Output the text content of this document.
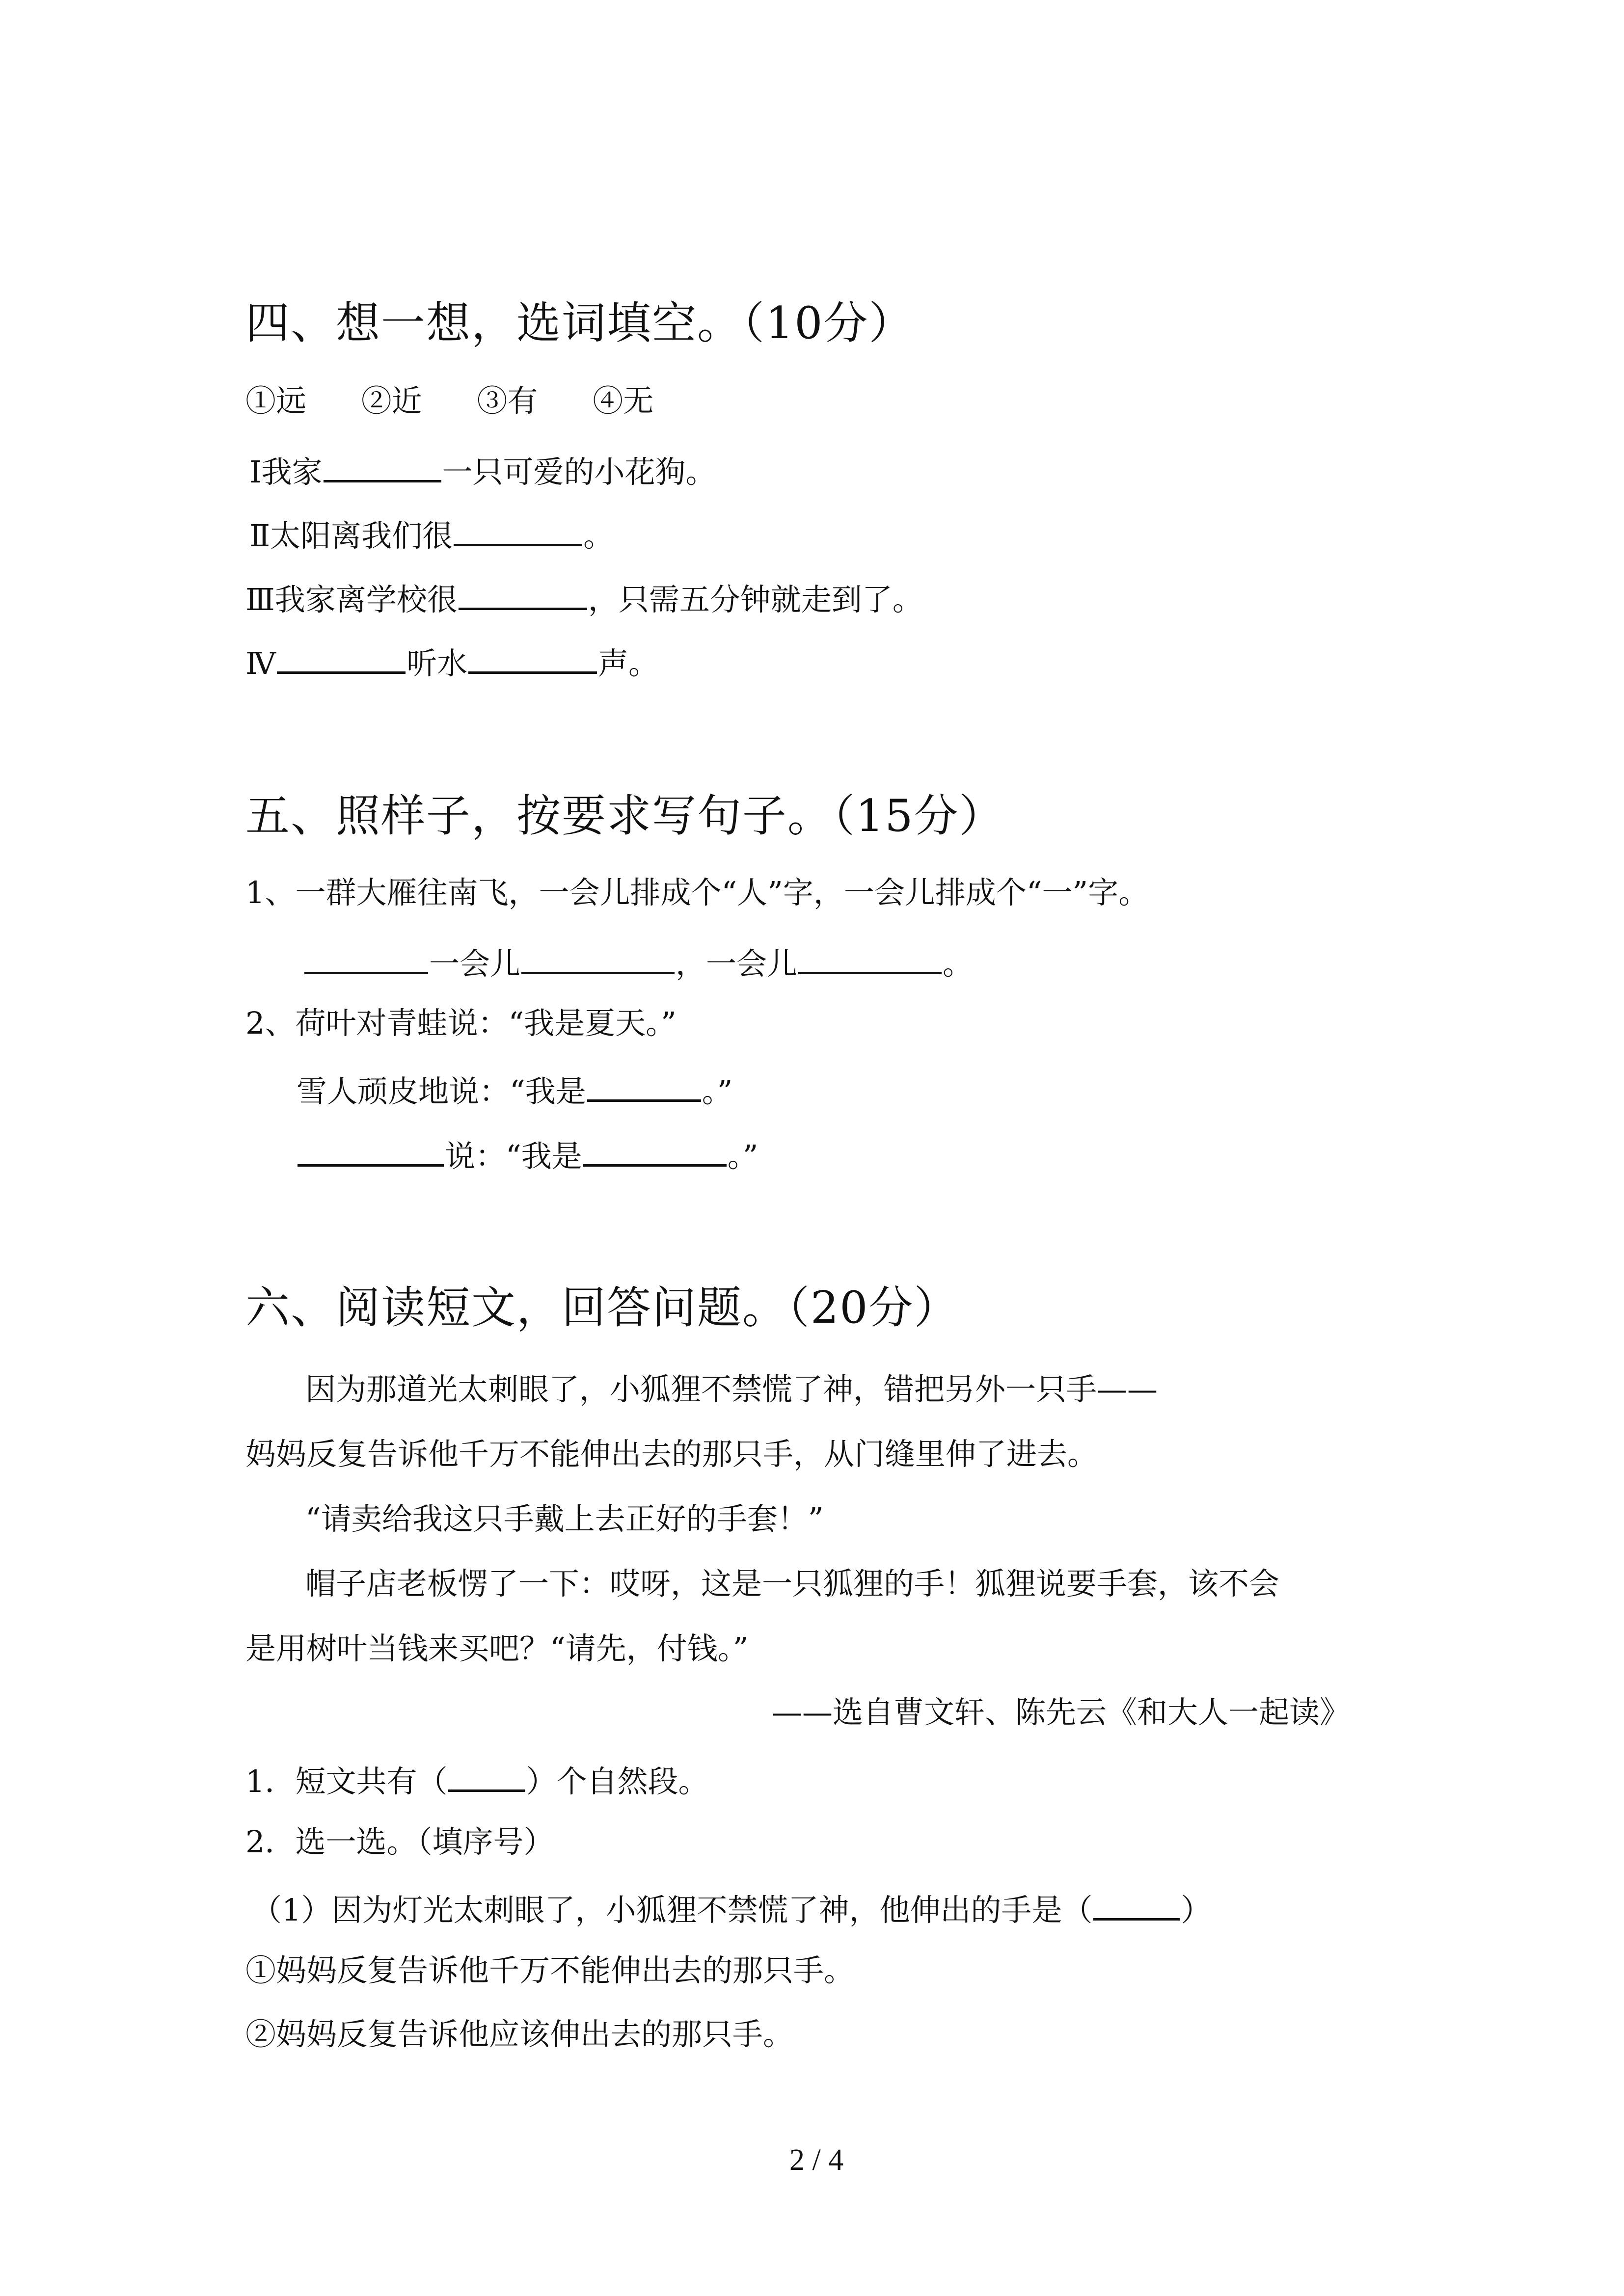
四、想一想，选词填空。（10分）
①远 ②近 ③有 ④无
Ⅰ我家	一只可爱的小花狗。
Ⅱ太阳离我们很	。
Ⅲ我家离学校很	，只需五分钟就走到了。
Ⅳ	听水	声。
五、照样子，按要求写句子。（15分）
1、一群大雁往南飞，一会儿排成个“人”字，一会儿排成个“一”字。
一会儿	，一会儿	。
2、荷叶对青蛙说：“我是夏天。”
雪人顽皮地说：“我是	。”
说：“我是	。”
六、阅读短文，回答问题。（20分）
因为那道光太刺眼了，小狐狸不禁慌了神，错把另外一只手——
妈妈反复告诉他千万不能伸出去的那只手，从门缝里伸了进去。
“请卖给我这只手戴上去正好的手套！”
帽子店老板愣了一下：哎呀，这是一只狐狸的手！狐狸说要手套，该不会
是用树叶当钱来买吧？“请先，付钱。”
——选自曹文轩、陈先云《和大人一起读》
1．短文共有（	）个自然段。
2．选一选。（填序号）
（1）因为灯光太刺眼了，小狐狸不禁慌了神，他伸出的手是（	）
①妈妈反复告诉他千万不能伸出去的那只手。
②妈妈反复告诉他应该伸出去的那只手。
2 / 4
